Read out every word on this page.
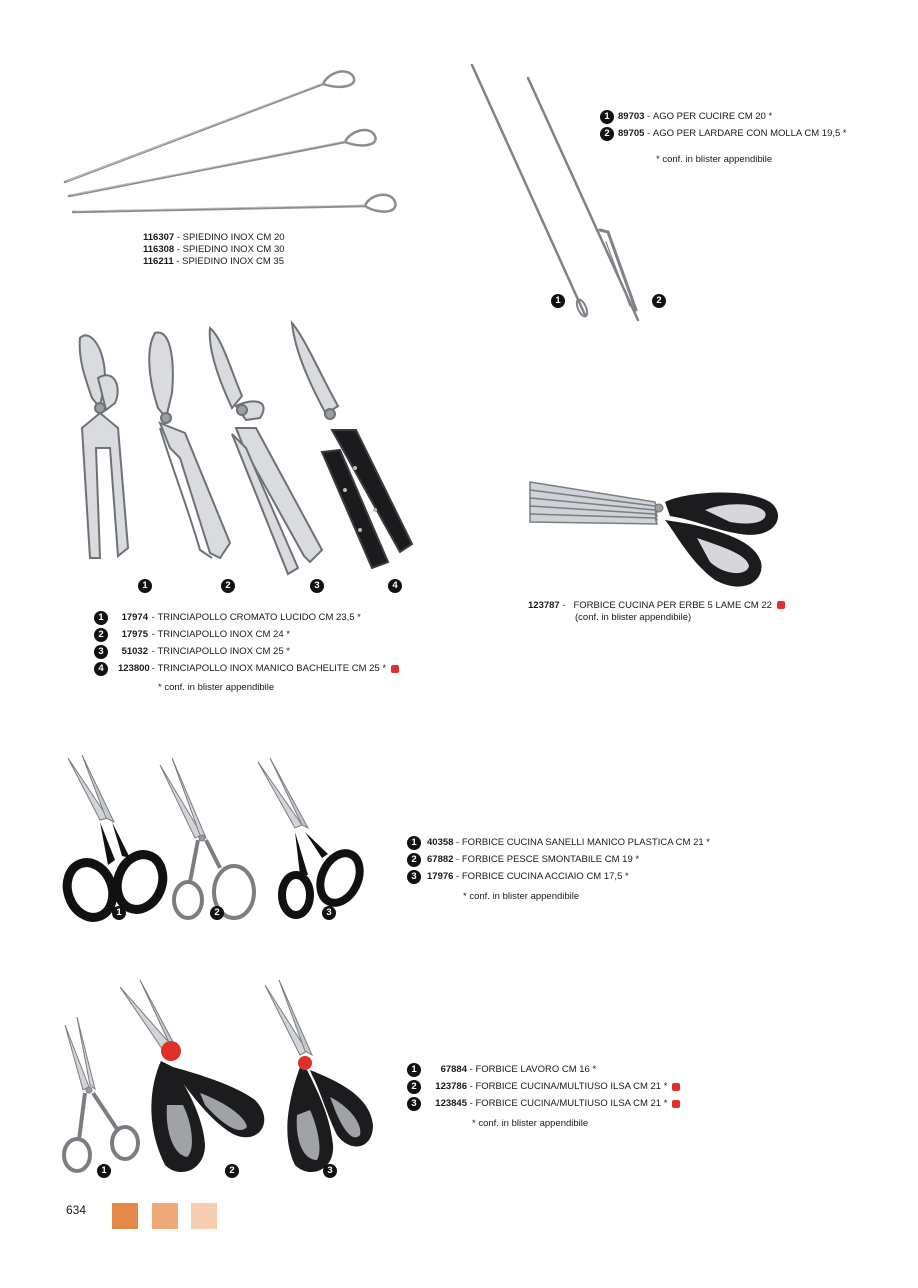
116307 - SPIEDINO INOX CM 20
116308 - SPIEDINO INOX CM 30
116211 - SPIEDINO INOX CM 35
1	2
1 89703 - AGO PER CUCIRE CM 20 *
2 89705 - AGO PER LARDARE CON MOLLA CM 19,5 *
* conf. in blister appendibile
1	2	3	4
1	17974 - TRINCIAPOLLO CROMATO LUCIDO CM 23,5 *
2	17975 - TRINCIAPOLLO INOX CM 24 *
3	51032 - TRINCIAPOLLO INOX CM 25 *
4	123800 - TRINCIAPOLLO INOX MANICO BACHELITE CM 25 *
* conf. in blister appendibile
123787 -   FORBICE CUCINA PER ERBE 5 LAME CM 22
(conf. in blister appendibile)
1	2	3
1	40358 - FORBICE CUCINA SANELLI MANICO PLASTICA CM 21 *
2	67882 - FORBICE PESCE SMONTABILE CM 19 *
3	17976 - FORBICE CUCINA ACCIAIO CM 17,5 *
* conf. in blister appendibile
1	2	3
1	67884 - FORBICE LAVORO CM 16 *
2	123786 - FORBICE CUCINA/MULTIUSO ILSA CM 21 *
3	123845 - FORBICE CUCINA/MULTIUSO ILSA CM 21 *
* conf. in blister appendibile
634
